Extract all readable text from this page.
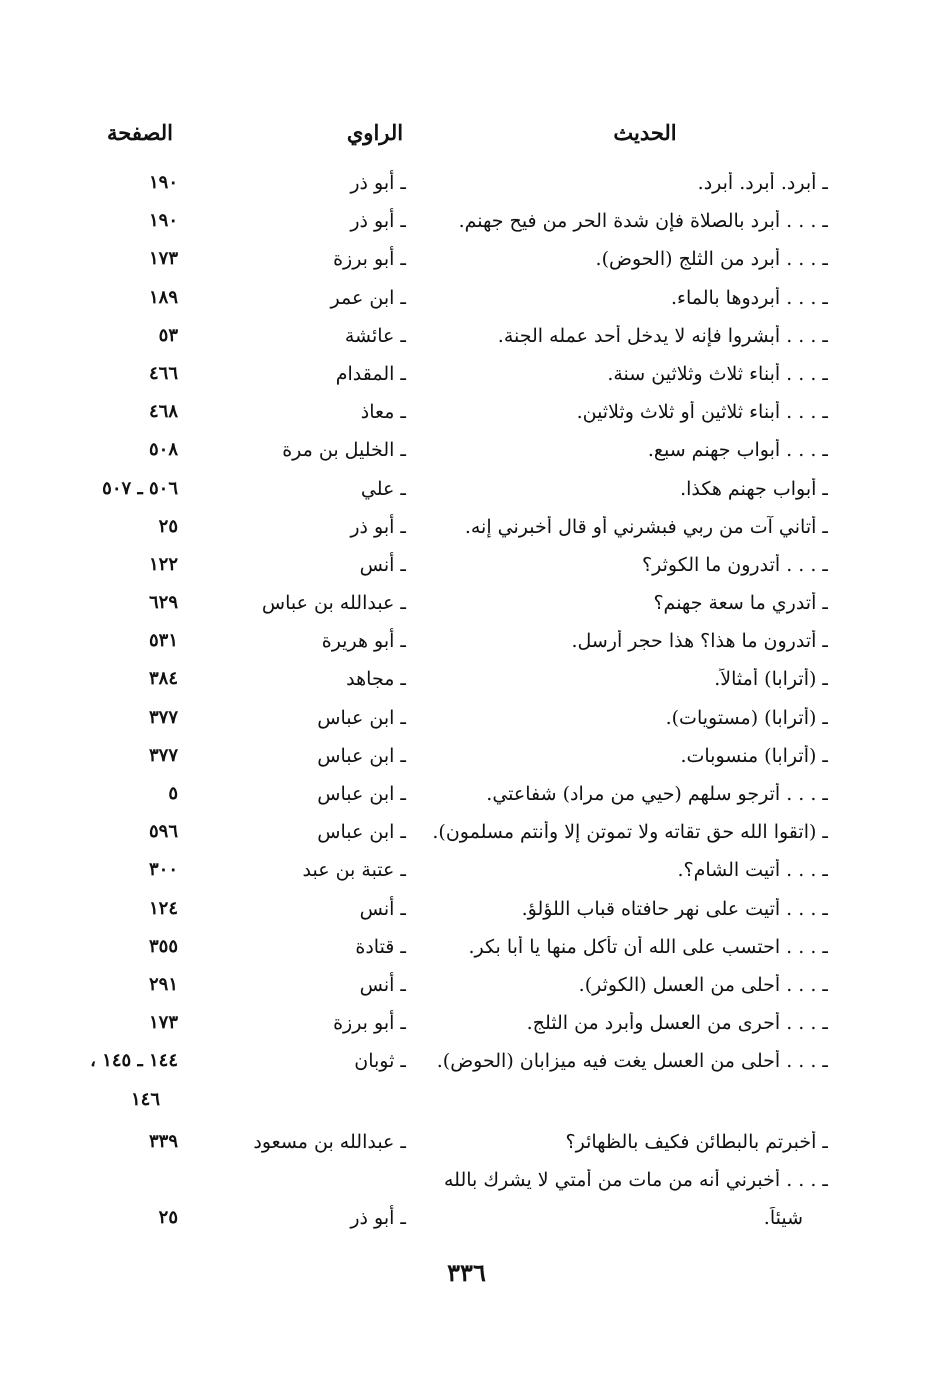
الحديث
الراوي
الصفحة
ـ أبرد. أبرد. أبرد.
ـ أبو ذر
١٩٠
ـ . . . أبرد بالصلاة فإن شدة الحر من فيح جهنم.
ـ أبو ذر
١٩٠
ـ . . . أبرد من الثلج (الحوض).
ـ أبو برزة
١٧٣
ـ . . . أبردوها بالماء.
ـ ابن عمر
١٨٩
ـ . . . أبشروا فإنه لا يدخل أحد عمله الجنة.
ـ عائشة
٥٣
ـ . . . أبناء ثلاث وثلاثين سنة.
ـ المقدام
٤٦٦
ـ . . . أبناء ثلاثين أو ثلاث وثلاثين.
ـ معاذ
٤٦٨
ـ . . . أبواب جهنم سبع.
ـ الخليل بن مرة
٥٠٨
ـ أبواب جهنم هكذا.
ـ علي
٥٠٦ ـ ٥٠٧
ـ أتاني آت من ربي فبشرني أو قال أخبرني إنه.
ـ أبو ذر
٢٥
ـ . . . أتدرون ما الكوثر؟
ـ أنس
١٢٢
ـ أتدري ما سعة جهنم؟
ـ عبدالله بن عباس
٦٢٩
ـ أتدرون ما هذا؟ هذا حجر أرسل.
ـ أبو هريرة
٥٣١
ـ (أترابا) أمثالاً.
ـ مجاهد
٣٨٤
ـ (أترابا) (مستويات).
ـ ابن عباس
٣٧٧
ـ (أترابا) منسوبات.
ـ ابن عباس
٣٧٧
ـ . . . أترجو سلهم (حيي من مراد) شفاعتي.
ـ ابن عباس
٥
ـ (اتقوا الله حق تقاته ولا تموتن إلا وأنتم مسلمون).
ـ ابن عباس
٥٩٦
ـ . . . أتيت الشام؟.
ـ عتبة بن عبد
٣٠٠
ـ . . . أتيت على نهر حافتاه قباب اللؤلؤ.
ـ أنس
١٢٤
ـ . . . احتسب على الله أن تأكل منها يا أبا بكر.
ـ قتادة
٣٥٥
ـ . . . أحلى من العسل (الكوثر).
ـ أنس
٢٩١
ـ . . . أحرى من العسل وأبرد من الثلج.
ـ أبو برزة
١٧٣
ـ . . . أحلى من العسل يغت فيه ميزابان (الحوض).
ـ ثوبان
١٤٤ ـ ١٤٥ ،
١٤٦
ـ أخبرتم بالبطائن فكيف بالظهائر؟
ـ عبدالله بن مسعود
٣٣٩
ـ . . . أخبرني أنه من مات من أمتي لا يشرك بالله
شيئاً.
ـ أبو ذر
٢٥
٣٣٦
